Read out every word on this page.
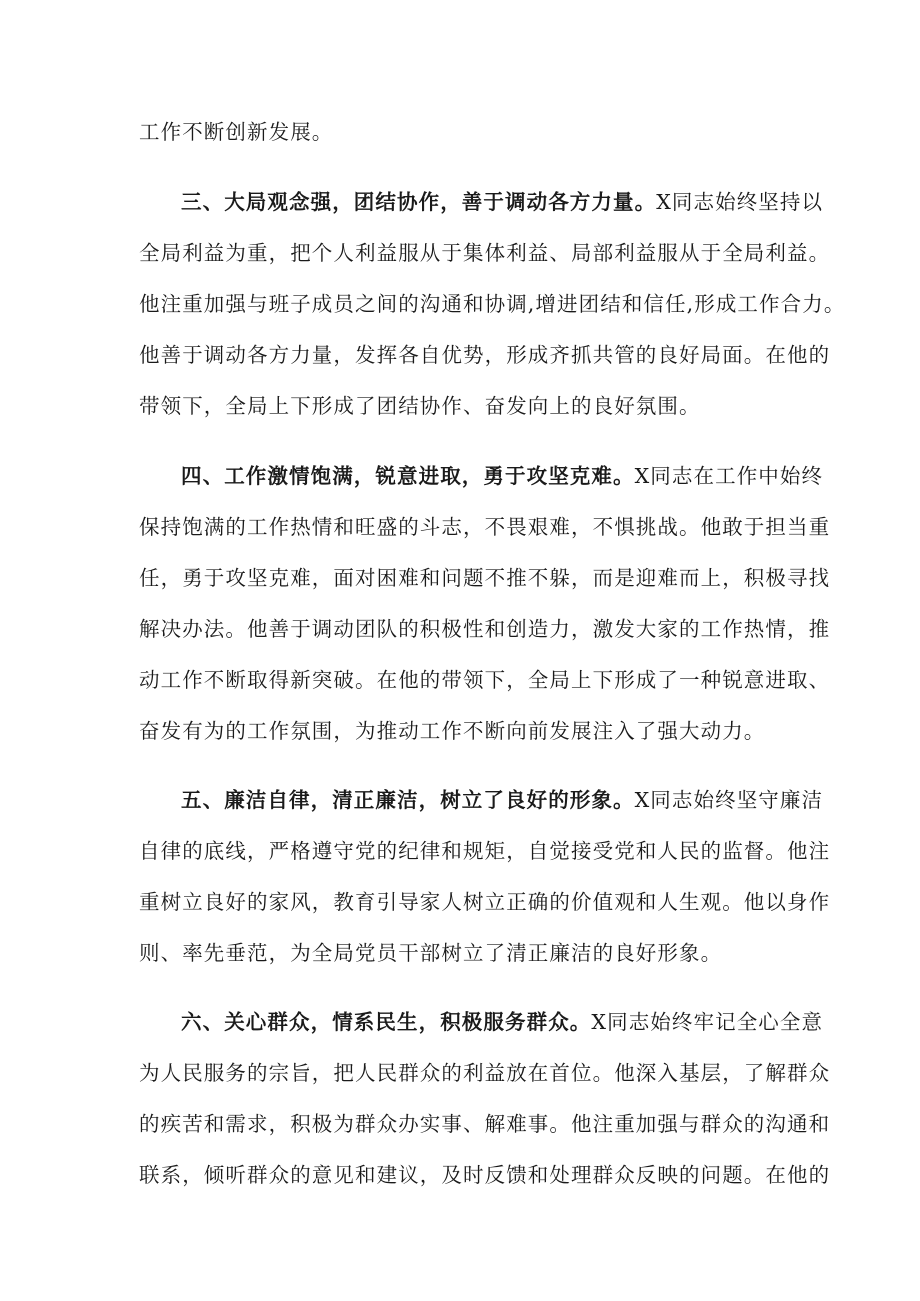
工作不断创新发展。
三、大局观念强，团结协作，善于调动各方力量。X同志始终坚持以
全局利益为重，把个人利益服从于集体利益、局部利益服从于全局利益。
他注重加强与班子成员之间的沟通和协调,增进团结和信任,形成工作合力。
他善于调动各方力量，发挥各自优势，形成齐抓共管的良好局面。在他的
带领下，全局上下形成了团结协作、奋发向上的良好氛围。
四、工作激情饱满，锐意进取，勇于攻坚克难。X同志在工作中始终
保持饱满的工作热情和旺盛的斗志，不畏艰难，不惧挑战。他敢于担当重
任，勇于攻坚克难，面对困难和问题不推不躲，而是迎难而上，积极寻找
解决办法。他善于调动团队的积极性和创造力，激发大家的工作热情，推
动工作不断取得新突破。在他的带领下，全局上下形成了一种锐意进取、
奋发有为的工作氛围，为推动工作不断向前发展注入了强大动力。
五、廉洁自律，清正廉洁，树立了良好的形象。X同志始终坚守廉洁
自律的底线，严格遵守党的纪律和规矩，自觉接受党和人民的监督。他注
重树立良好的家风，教育引导家人树立正确的价值观和人生观。他以身作
则、率先垂范，为全局党员干部树立了清正廉洁的良好形象。
六、关心群众，情系民生，积极服务群众。X同志始终牢记全心全意
为人民服务的宗旨，把人民群众的利益放在首位。他深入基层，了解群众
的疾苦和需求，积极为群众办实事、解难事。他注重加强与群众的沟通和
联系，倾听群众的意见和建议，及时反馈和处理群众反映的问题。在他的
